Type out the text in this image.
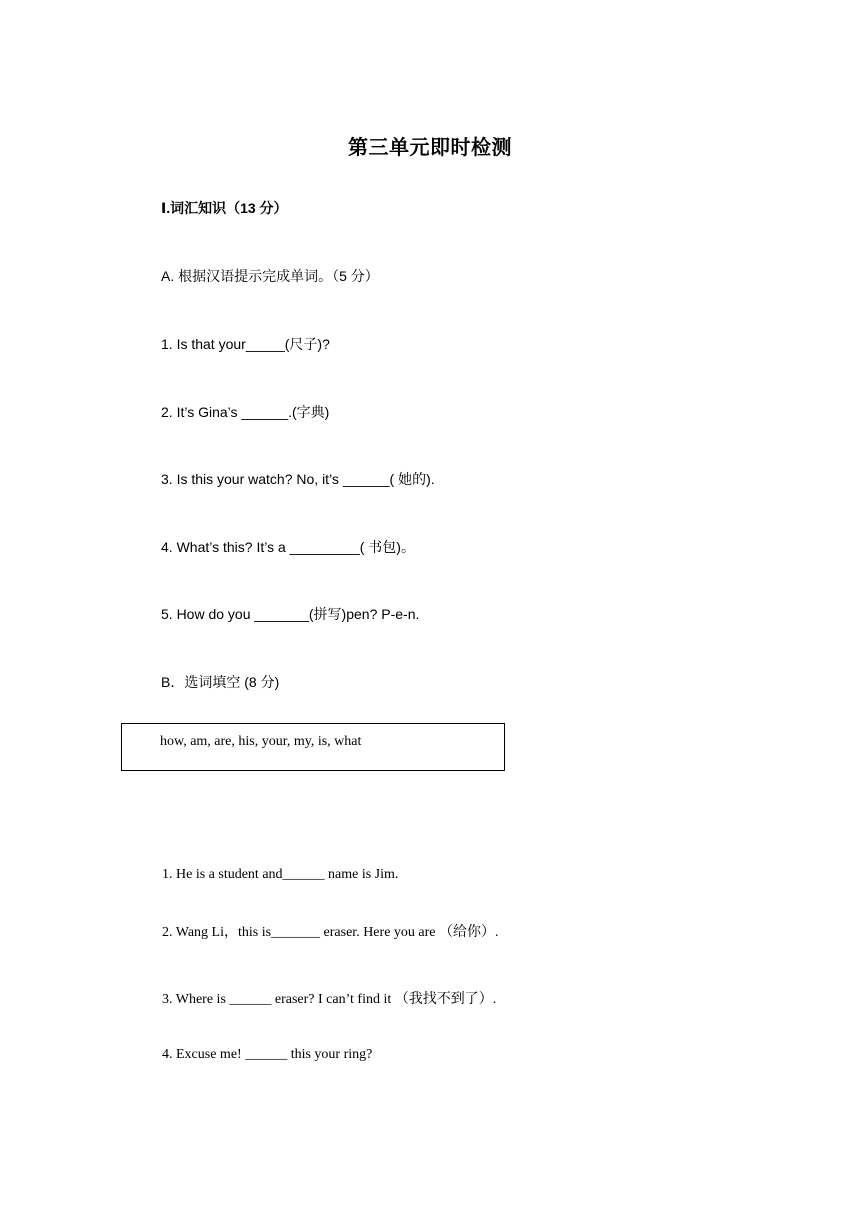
第三单元即时检测
Ⅰ.词汇知识（13 分）
A. 根据汉语提示完成单词。（5 分）
1. Is that your_____(尺子)?
2. It’s Gina’s ______.(字典)
3. Is this your watch? No, it’s ______( 她的).
4. What’s this? It’s a _________( 书包)。
5. How do you _______(拼写)pen? P-e-n.
B．选词填空 (8 分)
how, am, are, his, your, my, is, what
1. He is a student and______ name is Jim.
2. Wang Li，this is_______ eraser. Here you are （给你）.
3. Where is ______ eraser? I can’t find it （我找不到了）.
4. Excuse me! ______ this your ring?
